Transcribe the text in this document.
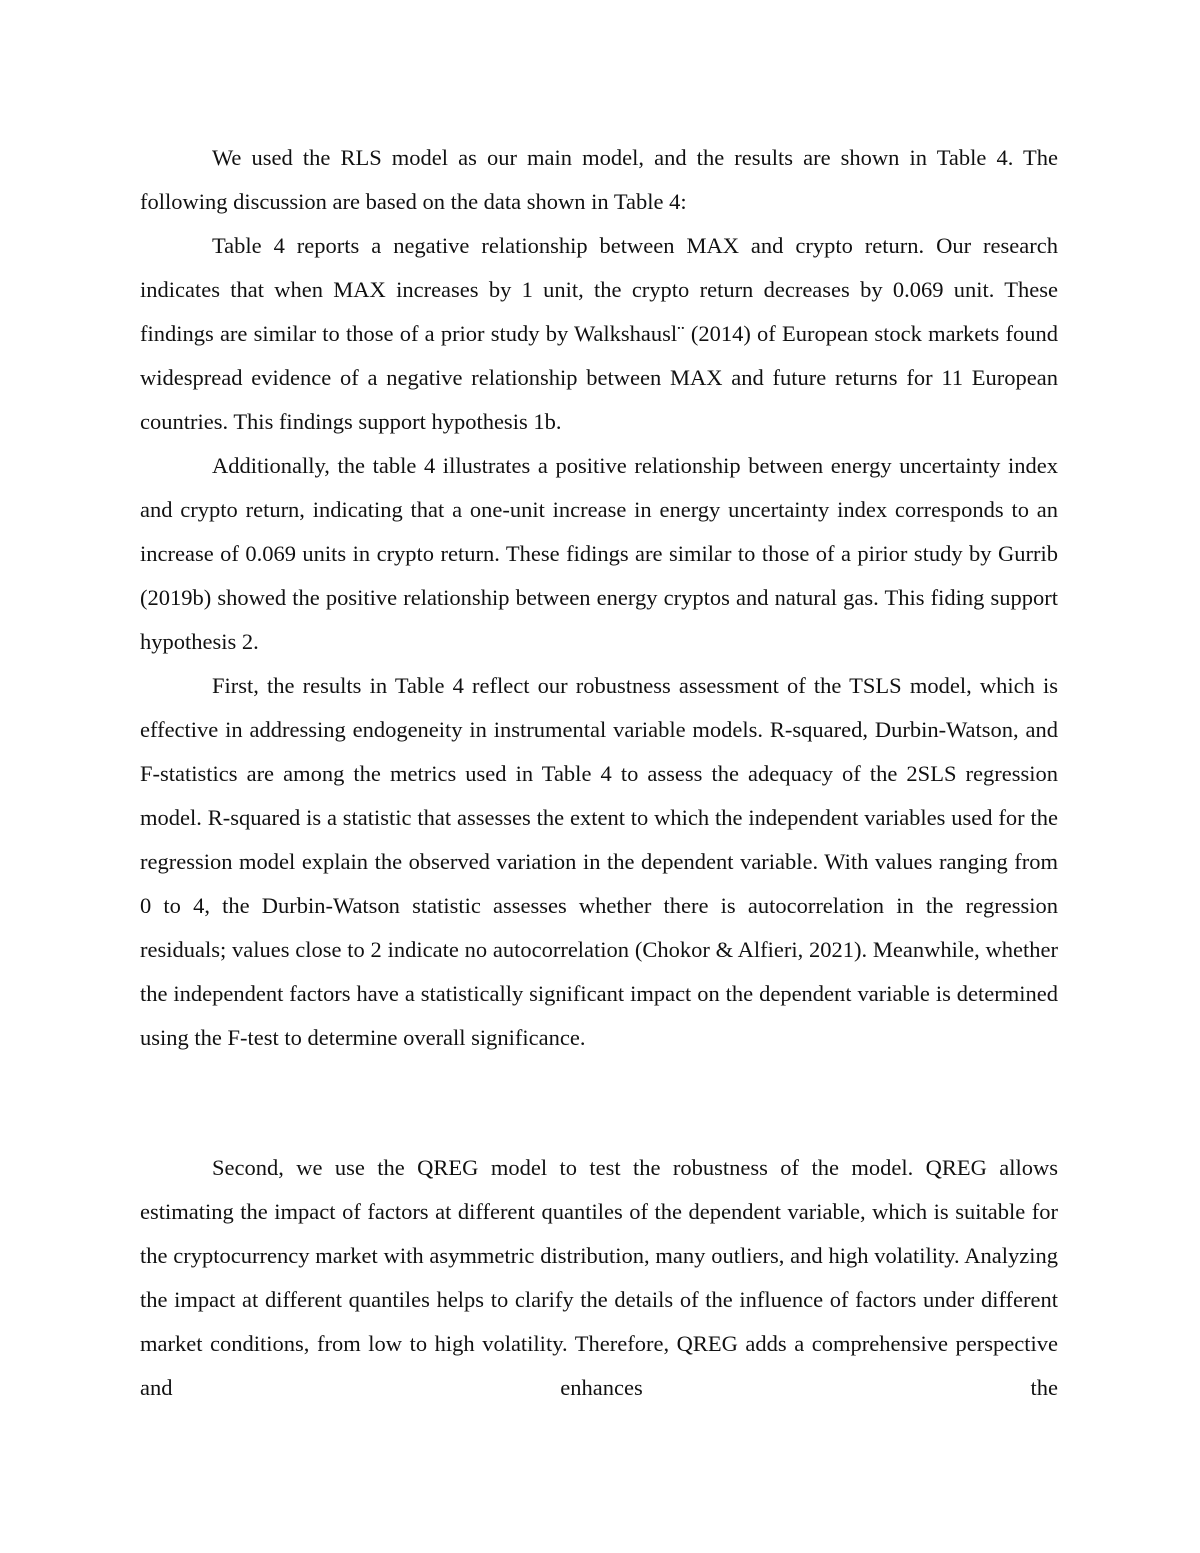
We used the RLS model as our main model, and the results are shown in Table 4. The following discussion are based on the data shown in Table 4:

Table 4 reports a negative relationship between MAX and crypto return. Our research indicates that when MAX increases by 1 unit, the crypto return decreases by 0.069 unit. These findings are similar to those of a prior study by Walkshausl¨ (2014) of European stock markets found widespread evidence of a negative relationship between MAX and future returns for 11 European countries. This findings support hypothesis 1b.

Additionally, the table 4 illustrates a positive relationship between energy uncertainty index and crypto return, indicating that a one-unit increase in energy uncertainty index corresponds to an increase of 0.069 units in crypto return. These fidings are similar to those of a pirior study by Gurrib (2019b) showed the positive relationship between energy cryptos and natural gas. This fiding support hypothesis 2.

First, the results in Table 4 reflect our robustness assessment of the TSLS model, which is effective in addressing endogeneity in instrumental variable models. R-squared, Durbin-Watson, and F-statistics are among the metrics used in Table 4 to assess the adequacy of the 2SLS regression model. R-squared is a statistic that assesses the extent to which the independent variables used for the regression model explain the observed variation in the dependent variable. With values ranging from 0 to 4, the Durbin-Watson statistic assesses whether there is autocorrelation in the regression residuals; values close to 2 indicate no autocorrelation (Chokor & Alfieri, 2021). Meanwhile, whether the independent factors have a statistically significant impact on the dependent variable is determined using the F-test to determine overall significance.

Second, we use the QREG model to test the robustness of the model. QREG allows estimating the impact of factors at different quantiles of the dependent variable, which is suitable for the cryptocurrency market with asymmetric distribution, many outliers, and high volatility. Analyzing the impact at different quantiles helps to clarify the details of the influence of factors under different market conditions, from low to high volatility. Therefore, QREG adds a comprehensive perspective and enhances the
